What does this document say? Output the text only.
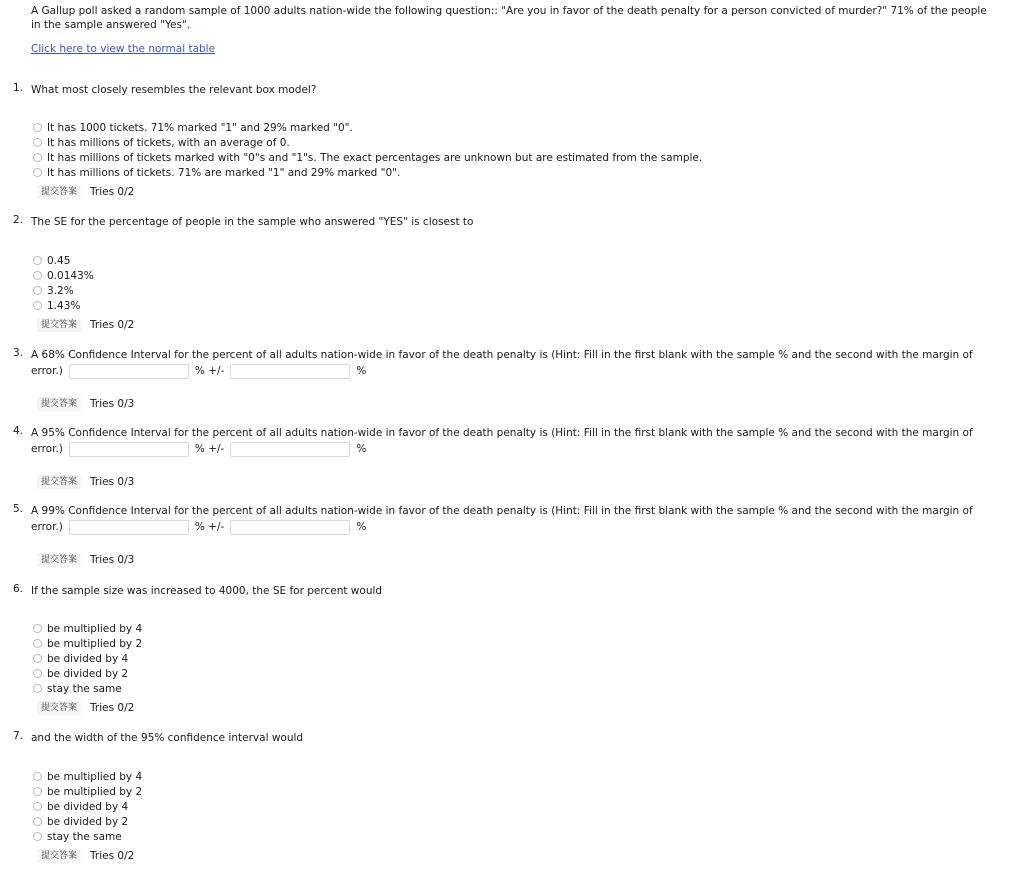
A Gallup poll asked a random sample of 1000 adults nation-wide the following question:: "Are you in favor of the death penalty for a person convicted of murder?" 71% of the people in the sample answered "Yes".
Click here to view the normal table
1. What most closely resembles the relevant box model?
It has 1000 tickets. 71% marked "1" and 29% marked "0".
It has millions of tickets, with an average of 0.
It has millions of tickets marked with "0"s and "1"s. The exact percentages are unknown but are estimated from the sample.
It has millions of tickets. 71% are marked "1" and 29% marked "0".
提交答案	Tries 0/2
2. The SE for the percentage of people in the sample who answered "YES" is closest to
0.45
0.0143%
3.2%
1.43%
提交答案	Tries 0/2
3. A 68% Confidence Interval for the percent of all adults nation-wide in favor of the death penalty is (Hint: Fill in the first blank with the sample % and the second with the margin of
error.)	% +/-	%
提交答案	Tries 0/3
4. A 95% Confidence Interval for the percent of all adults nation-wide in favor of the death penalty is (Hint: Fill in the first blank with the sample % and the second with the margin of
error.)	% +/-	%
提交答案	Tries 0/3
5. A 99% Confidence Interval for the percent of all adults nation-wide in favor of the death penalty is (Hint: Fill in the first blank with the sample % and the second with the margin of
error.)	% +/-	%
提交答案	Tries 0/3
6. If the sample size was increased to 4000, the SE for percent would
be multiplied by 4
be multiplied by 2
be divided by 4
be divided by 2
stay the same
提交答案	Tries 0/2
7. and the width of the 95% confidence interval would
be multiplied by 4
be multiplied by 2
be divided by 4
be divided by 2
stay the same
提交答案	Tries 0/2
